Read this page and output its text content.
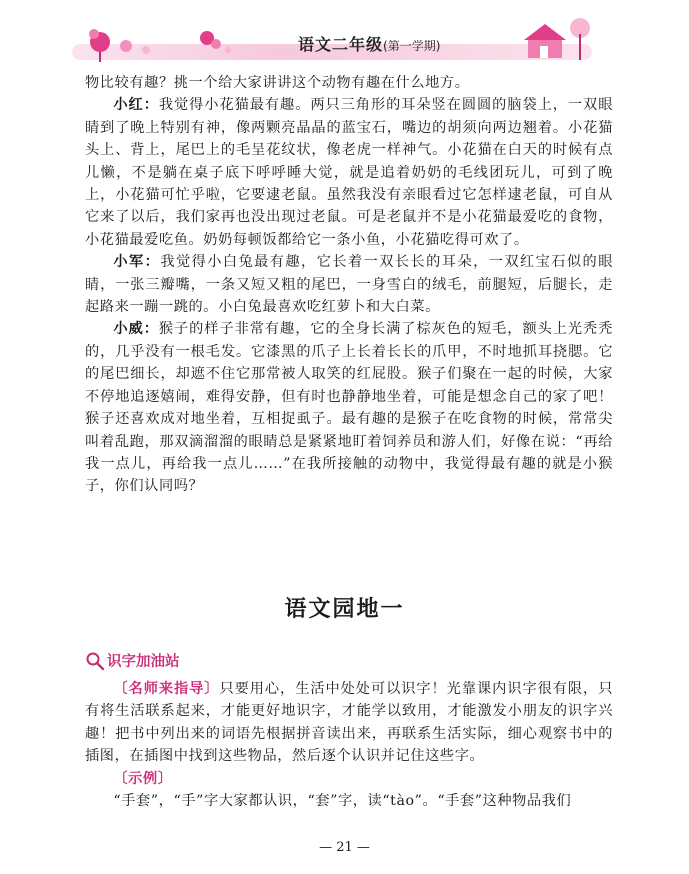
语文二年级(第一学期)

物比较有趣？挑一个给大家讲讲这个动物有趣在什么地方。

小红：我觉得小花猫最有趣。两只三角形的耳朵竖在圆圆的脑袋上，一双眼睛到了晚上特别有神，像两颗亮晶晶的蓝宝石，嘴边的胡须向两边翘着。小花猫头上、背上，尾巴上的毛呈花纹状，像老虎一样神气。小花猫在白天的时候有点儿懒，不是躺在桌子底下呼呼睡大觉，就是追着奶奶的毛线团玩儿，可到了晚上，小花猫可忙乎啦，它要逮老鼠。虽然我没有亲眼看过它怎样逮老鼠，可自从它来了以后，我们家再也没出现过老鼠。可是老鼠并不是小花猫最爱吃的食物，小花猫最爱吃鱼。奶奶每顿饭都给它一条小鱼，小花猫吃得可欢了。

小军：我觉得小白兔最有趣，它长着一双长长的耳朵，一双红宝石似的眼睛，一张三瓣嘴，一条又短又粗的尾巴，一身雪白的绒毛，前腿短，后腿长，走起路来一蹦一跳的。小白兔最喜欢吃红萝卜和大白菜。

小威：猴子的样子非常有趣，它的全身长满了棕灰色的短毛，额头上光秃秃的，几乎没有一根毛发。它漆黑的爪子上长着长长的爪甲，不时地抓耳挠腮。它的尾巴细长，却遮不住它那常被人取笑的红屁股。猴子们聚在一起的时候，大家不停地追逐嬉闹，难得安静，但有时也静静地坐着，可能是想念自己的家了吧！猴子还喜欢成对地坐着，互相捉虱子。最有趣的是猴子在吃食物的时候，常常尖叫着乱跑，那双滴溜溜的眼睛总是紧紧地盯着饲养员和游人们，好像在说：“再给我一点儿，再给我一点儿……”在我所接触的动物中，我觉得最有趣的就是小猴子，你们认同吗？

语文园地一
识字加油站

〔名师来指导〕只要用心，生活中处处可以识字！光靠课内识字很有限，只有将生活联系起来，才能更好地识字，才能学以致用，才能激发小朋友的识字兴趣！把书中列出来的词语先根据拼音读出来，再联系生活实际，细心观察书中的插图，在插图中找到这些物品，然后逐个认识并记住这些字。

〔示例〕

“手套”，“手”字大家都认识，“套”字，读“tào”。“手套”这种物品我们

— 21 —
